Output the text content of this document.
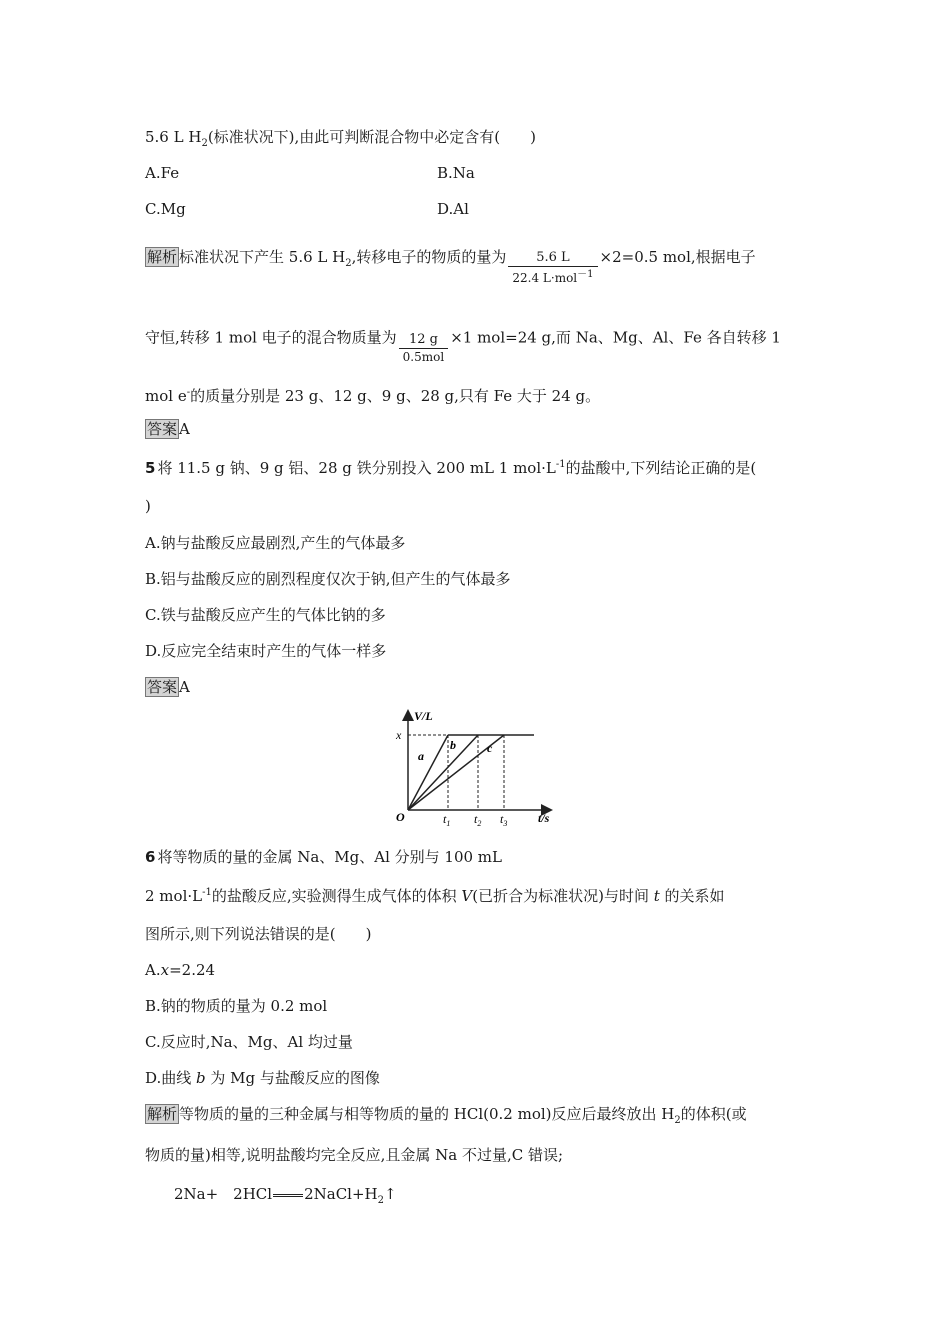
5.6 L $H_2$(标准状况下),由此可判断混合物中必定含有(　　)
A.Fe	B.Na
C.Mg	D.Al
解析 标准状况下产生 5.6 L $H_2$,转移电子的物质的量为 $\frac{5.6 L}{22.4 L\cdot mol^{-1}} \times 2=0.5$ mol,根据电子
守恒,转移 1 mol 电子的混合物质量为 $\frac{12 g}{\text{0.5mol}} \times 1$ mol=24 g,而 Na、Mg、Al、Fe 各自转移 1
mol e-的质量分别是 23 g、12 g、9 g、28 g,只有 Fe 大于 24 g。
答案 A
5 将 11.5 g 钠、9 g 铝、28 g 铁分别投入 200 mL 1 $mol\cdot L^{-1}$的盐酸中,下列结论正确的是(
)
A.钠与盐酸反应最剧烈,产生的气体最多
B.铝与盐酸反应的剧烈程度仅次于钠,但产生的气体最多
C.铁与盐酸反应产生的气体比钠的多
D.反应完全结束时产生的气体一样多
答案 A
V/L
t/s
O
x
a
b	c
$t_1$ $t_2$ $t_3$
6 将等物质的量的金属 Na、Mg、Al 分别与 100 mL
2 $mol\cdot L^{-1}$的盐酸反应,实验测得生成气体的体积 V(已折合为标准状况)与时间 t 的关系如
图所示,则下列说法错误的是(　　)
A.x=2.24
B.钠的物质的量为 0.2 mol
C.反应时,Na、Mg、Al 均过量
D.曲线 b 为 Mg 与盐酸反应的图像
解析 等物质的量的三种金属与相等物质的量的 HCl(0.2 mol)反应后最终放出 $H_2$的体积(或
物质的量)相等,说明盐酸均完全反应,且金属 Na 不过量,C 错误;
2Na+　2HCl $2NaCl+H_2↑$
